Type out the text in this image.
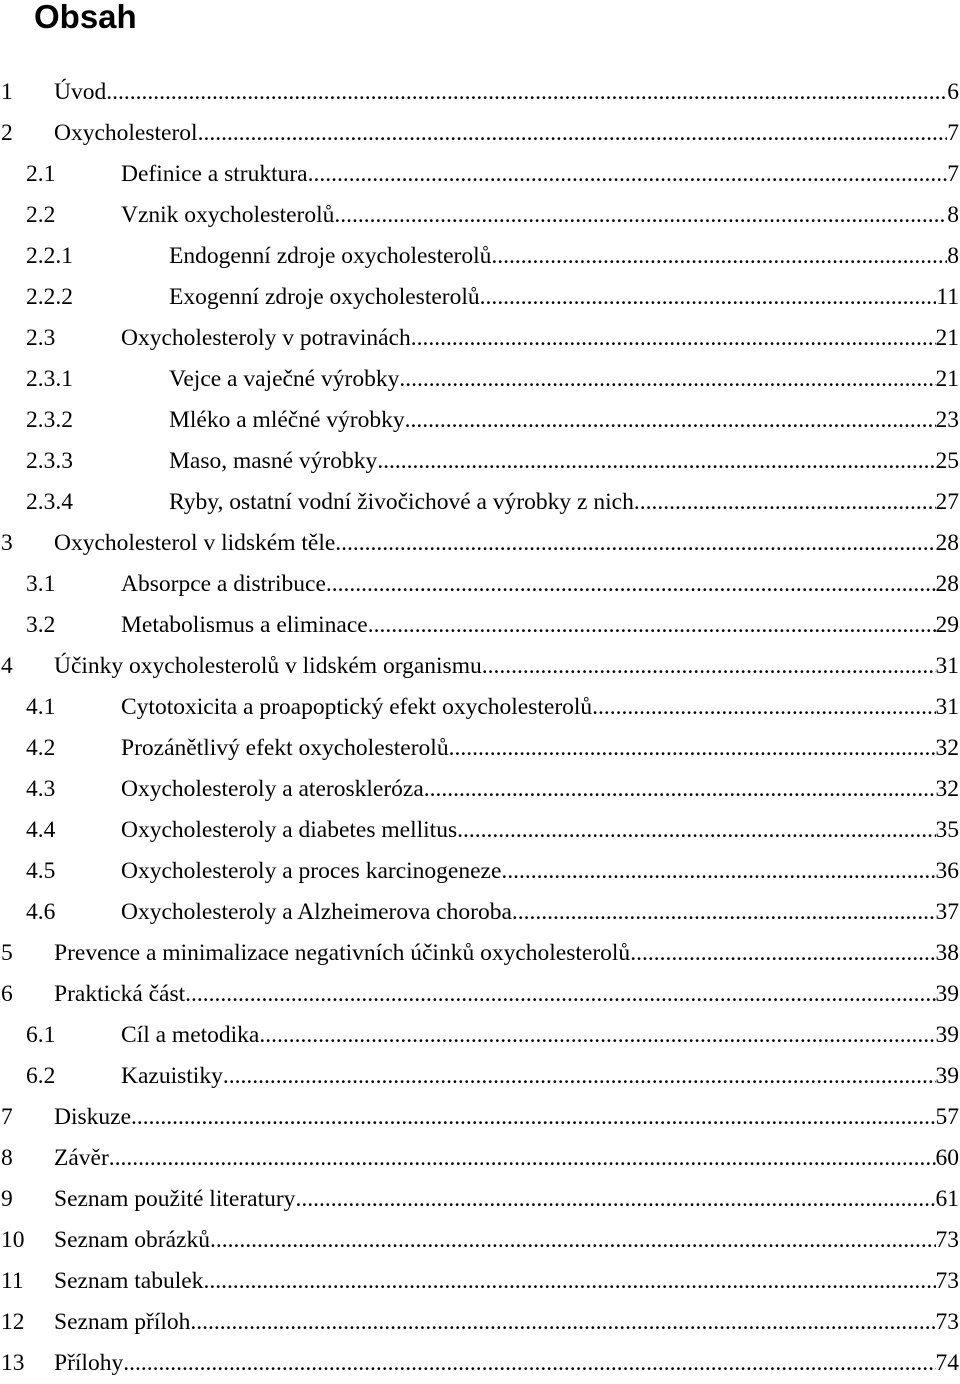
Obsah
1	Úvod .....	6
2	Oxycholesterol .....	7
2.1	Definice a struktura .....	7
2.2	Vznik oxycholesterolů .....	8
2.2.1	Endogenní zdroje oxycholesterolů .....	8
2.2.2	Exogenní zdroje oxycholesterolů .....	11
2.3	Oxycholesteroly v potravinách .....	21
2.3.1	Vejce a vaječné výrobky .....	21
2.3.2	Mléko a mléčné výrobky .....	23
2.3.3	Maso, masné výrobky .....	25
2.3.4	Ryby, ostatní vodní živočichové a výrobky z nich .....	27
3	Oxycholesterol v lidském těle .....	28
3.1	Absorpce a distribuce .....	28
3.2	Metabolismus a eliminace .....	29
4	Účinky oxycholesterolů v lidském organismu .....	31
4.1	Cytotoxicita a proapoptický efekt oxycholesterolů .....	31
4.2	Prozánětlivý efekt oxycholesterolů .....	32
4.3	Oxycholesteroly a ateroskleróza .....	32
4.4	Oxycholesteroly a diabetes mellitus .....	35
4.5	Oxycholesteroly a proces karcinogeneze .....	36
4.6	Oxycholesteroly a Alzheimerova choroba .....	37
5	Prevence a minimalizace negativních účinků oxycholesterolů .....	38
6	Praktická část .....	39
6.1	Cíl a metodika .....	39
6.2	Kazuistiky .....	39
7	Diskuze .....	57
8	Závěr .....	60
9	Seznam použité literatury .....	61
10	Seznam obrázků .....	73
11	Seznam tabulek .....	73
12	Seznam příloh .....	73
13	Přílohy .....	74
